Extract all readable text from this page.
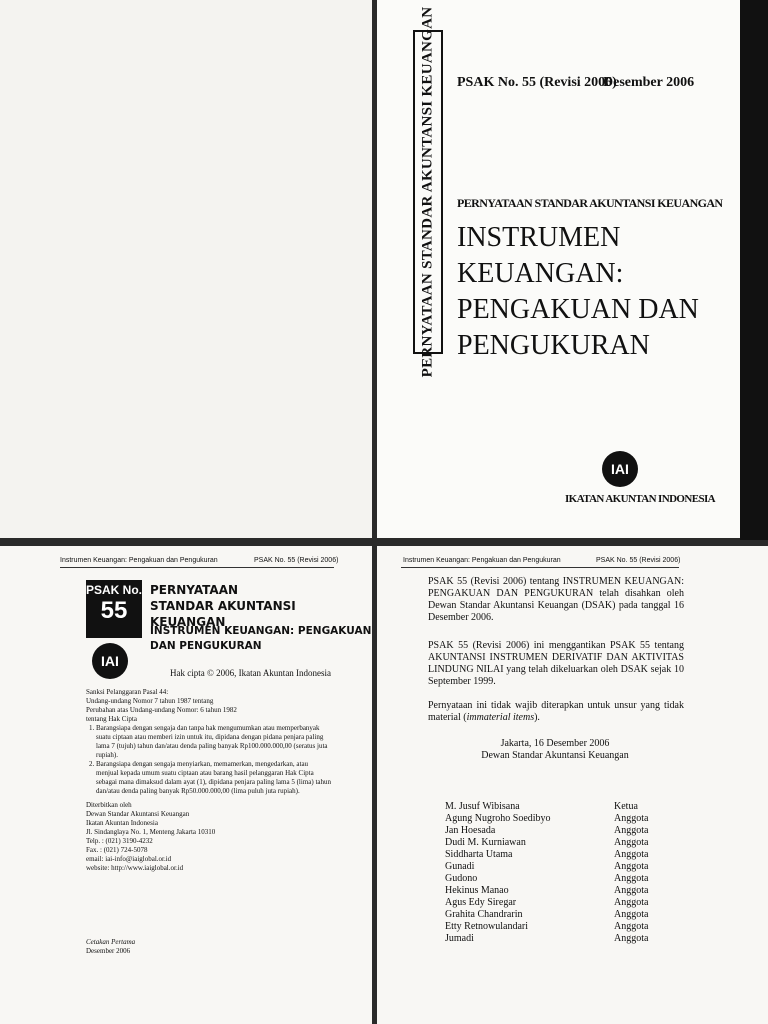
PERNYATAAN STANDAR AKUNTANSI KEUANGAN PSAK No. 55 (Revisi 2006)
Desember 2006
PERNYATAAN STANDAR AKUNTANSI KEUANGAN
INSTRUMEN KEUANGAN:
PENGAKUAN DAN
PENGUKURAN
IAI
IKATAN AKUNTAN INDONESIA
Instrumen Keuangan: Pengakuan dan Pengukuran	PSAK No. 55 (Revisi 2006)
PSAK No.
55
PERNYATAAN
STANDAR AKUNTANSI KEUANGAN
IAI
INSTRUMEN KEUANGAN: PENGAKUAN
DAN PENGUKURAN
Hak cipta © 2006, Ikatan Akuntan Indonesia
Sanksi Pelanggaran Pasal 44:
Undang-undang Nomor 7 tahun 1987 tentang
Perubahan atas Undang-undang Nomor: 6 tahun 1982
tentang Hak Cipta
1. Barangsiapa dengan sengaja dan tanpa hak mengumumkan atau memperbanyak suatu ciptaan atau memberi izin untuk itu, dipidana dengan pidana penjara paling lama 7 (tujuh) tahun dan/atau denda paling banyak Rp100.000.000,00 (seratus juta rupiah).
2. Barangsiapa dengan sengaja menyiarkan, memamerkan, mengedarkan, atau menjual kepada umum suatu ciptaan atau barang hasil pelanggaran Hak Cipta sebagai mana dimaksud dalam ayat (1), dipidana penjara paling lama 5 (lima) tahun dan/atau denda paling banyak Rp50.000.000,00 (lima puluh juta rupiah).
Diterbitkan oleh
Dewan Standar Akuntansi Keuangan
Ikatan Akuntan Indonesia
Jl. Sindanglaya No. 1, Menteng Jakarta 10310
Telp. : (021) 3190-4232
Fax. : (021) 724-5078
email: iai-info@iaiglobal.or.id
website: http://www.iaiglobal.or.id
Cetakan Pertama
Desember 2006
Instrumen Keuangan: Pengakuan dan Pengukuran	PSAK No. 55 (Revisi 2006)
PSAK 55 (Revisi 2006) tentang INSTRUMEN KEUANGAN: PENGAKUAN DAN PENGUKURAN telah disahkan oleh Dewan Standar Akuntansi Keuangan (DSAK) pada tanggal 16 Desember 2006.
PSAK 55 (Revisi 2006) ini menggantikan PSAK 55 tentang AKUNTANSI INSTRUMEN DERIVATIF DAN AKTIVITAS LINDUNG NILAI yang telah dikeluarkan oleh DSAK sejak 10 September 1999.
Pernyataan ini tidak wajib diterapkan untuk unsur yang tidak material (immaterial items).
Jakarta, 16 Desember 2006
Dewan Standar Akuntansi Keuangan
M. Jusuf Wibisana	Ketua
Agung Nugroho Soedibyo	Anggota
Jan Hoesada	Anggota
Dudi M. Kurniawan	Anggota
Siddharta Utama	Anggota
Gunadi	Anggota
Gudono	Anggota
Hekinus Manao	Anggota
Agus Edy Siregar	Anggota
Grahita Chandrarin	Anggota
Etty Retnowulandari	Anggota
Jumadi	Anggota
